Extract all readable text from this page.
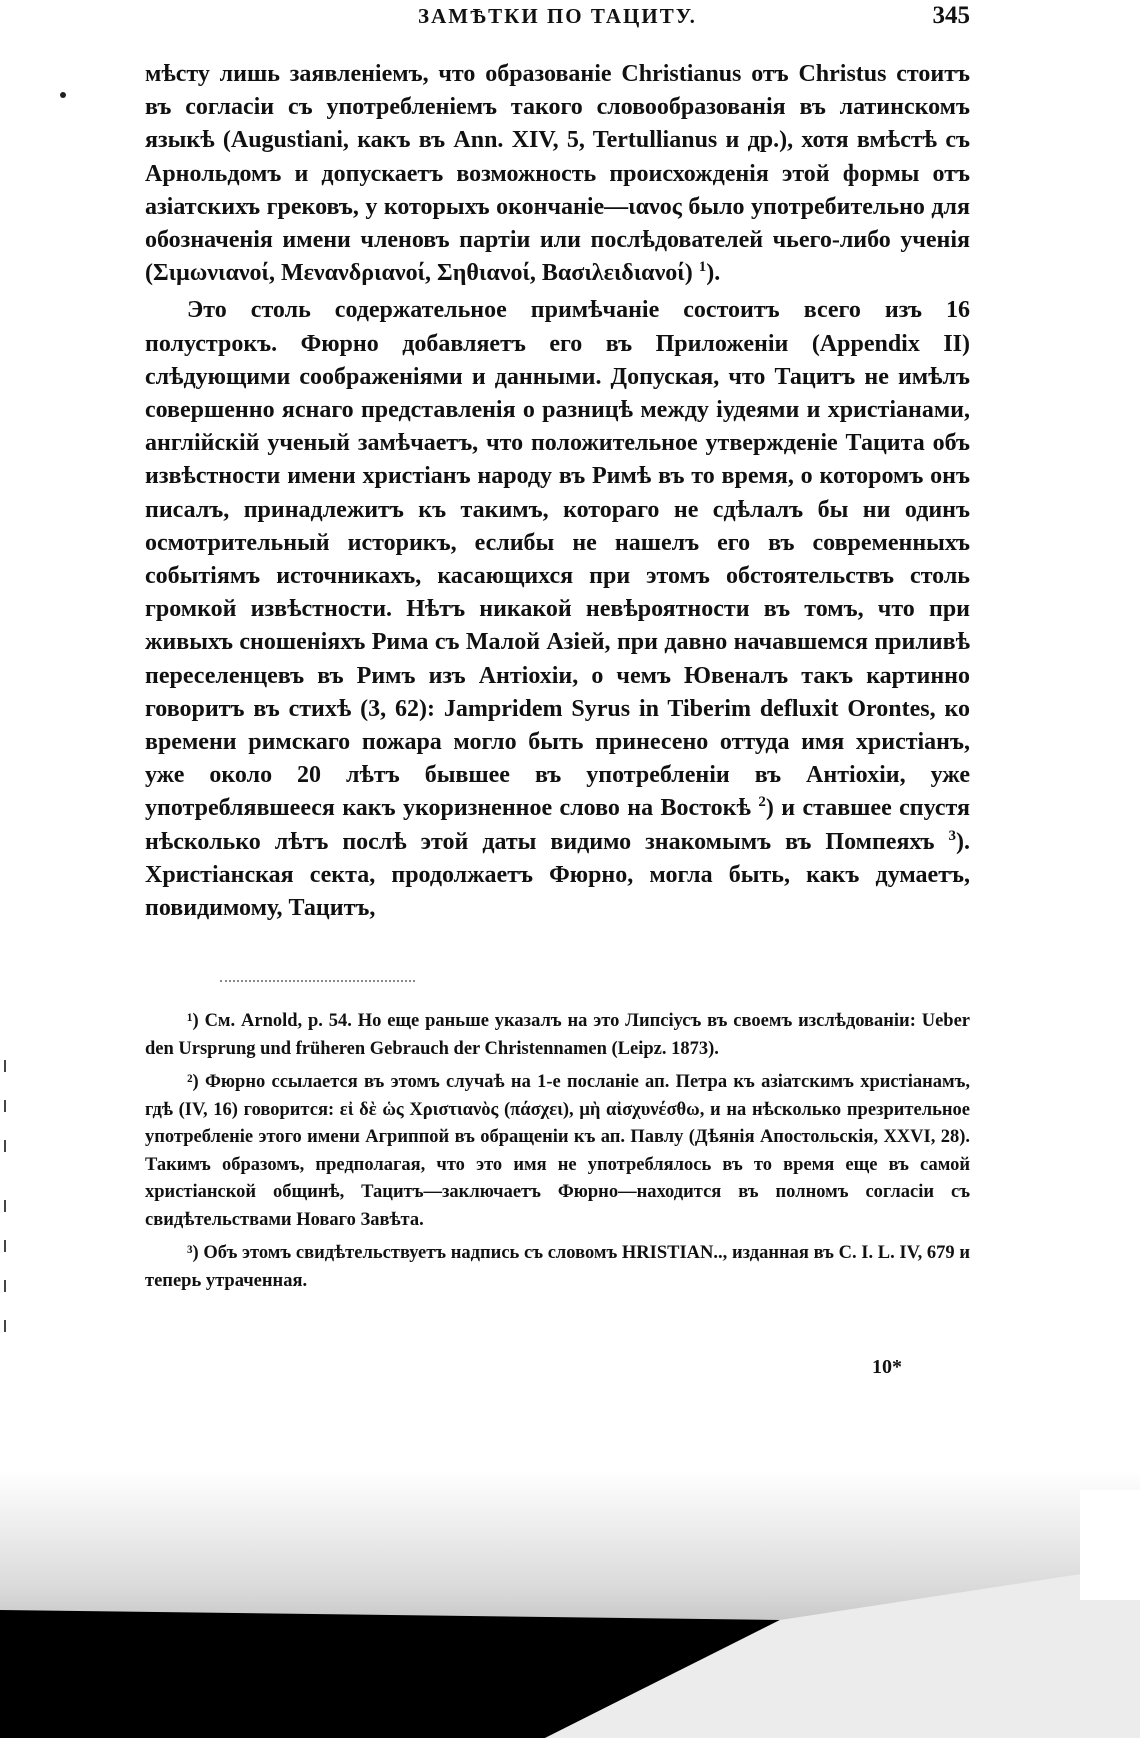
ЗАМѢТКИ ПО ТАЦИТУ.	345

мѣсту лишь заявленіемъ, что образованіе Christianus отъ Christus стоитъ въ согласіи съ употребленіемъ такого словообразованія въ латинскомъ языкѣ (Augustiani, какъ въ Ann. XIV, 5, Tertullianus и др.), хотя вмѣстѣ съ Арнольдомъ и допускаетъ возможность происхожденія этой формы отъ азіатскихъ грековъ, у которыхъ окончаніе—ιανος было употребительно для обозначенія имени членовъ партіи или послѣдователей чьего-либо ученія (Σιμωνιανοί, Μενανδριανοί, Σηθιανοί, Βασιλειδιανοί) $^1$).

Это столь содержательное примѣчаніе состоитъ всего изъ 16 полустрокъ. Фюрно добавляетъ его въ Приложеніи (Appendix II) слѣдующими соображеніями и данными. Допуская, что Тацитъ не имѣлъ совершенно яснаго представленія о разницѣ между іудеями и христіанами, англійскій ученый замѣчаетъ, что положительное утвержденіе Тацита объ извѣстности имени христіанъ народу въ Римѣ въ то время, о которомъ онъ писалъ, принадлежитъ къ такимъ, котораго не сдѣлалъ бы ни одинъ осмотрительный историкъ, еслибы не нашелъ его въ современныхъ событіямъ источникахъ, касающихся при этомъ обстоятельствъ столь громкой извѣстности. Нѣтъ никакой невѣроятности въ томъ, что при живыхъ сношеніяхъ Рима съ Малой Азіей, при давно начавшемся приливѣ переселенцевъ въ Римъ изъ Антіохіи, о чемъ Ювеналъ такъ картинно говоритъ въ стихѣ (3, 62): Jampridem Syrus in Tiberim defluxit Orontes, ко времени римскаго пожара могло быть принесено оттуда имя христіанъ, уже около 20 лѣтъ бывшее въ употребленіи въ Антіохіи, уже употреблявшееся какъ укоризненное слово на Востокѣ $^2$) и ставшее спустя нѣсколько лѣтъ послѣ этой даты видимо знакомымъ въ Помпеяхъ $^3$). Христіанская секта, продолжаетъ Фюрно, могла быть, какъ думаетъ, повидимому, Тацитъ,

¹) См. Arnold, p. 54. Но еще раньше указалъ на это Липсіусъ въ своемъ изслѣдованіи: Ueber den Ursprung und früheren Gebrauch der Christennamen (Leipz. 1873).

²) Фюрно ссылается въ этомъ случаѣ на 1-е посланіе ап. Петра къ азіатскимъ христіанамъ, гдѣ (IV, 16) говорится: εἰ δὲ ὡς Χριστιανὸς (πάσχει), μὴ αἰσχυνέσθω, и на нѣсколько презрительное употребленіе этого имени Агриппой въ обращеніи къ ап. Павлу (Дѣянія Апостольскія, XXVI, 28). Такимъ образомъ, предполагая, что это имя не употреблялось въ то время еще въ самой христіанской общинѣ, Тацитъ—заключаетъ Фюрно—находится въ полномъ согласіи съ свидѣтельствами Новаго Завѣта.

³) Объ этомъ свидѣтельствуетъ надпись съ словомъ HRISTIAN.., изданная въ C. I. L. IV, 679 и теперь утраченная.

10*
